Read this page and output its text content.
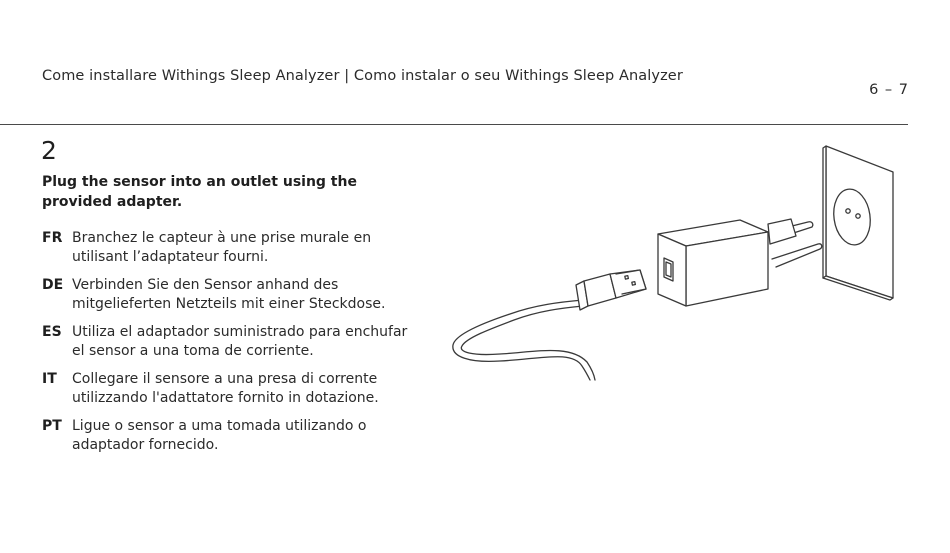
Come installare Withings Sleep Analyzer | Como instalar o seu Withings Sleep Analyzer
6 – 7
2
Plug the sensor into an outlet using the provided adapter.
FR Branchez le capteur à une prise murale en utilisant l’adaptateur fourni.
DE Verbinden Sie den Sensor anhand des mitgelieferten Netzteils mit einer Steckdose.
ES Utiliza el adaptador suministrado para enchufar el sensor a una toma de corriente.
IT	Collegare il sensore a una presa di corrente utilizzando l'adattatore fornito in dotazione.
PT Ligue o sensor a uma tomada utilizando o adaptador fornecido.
